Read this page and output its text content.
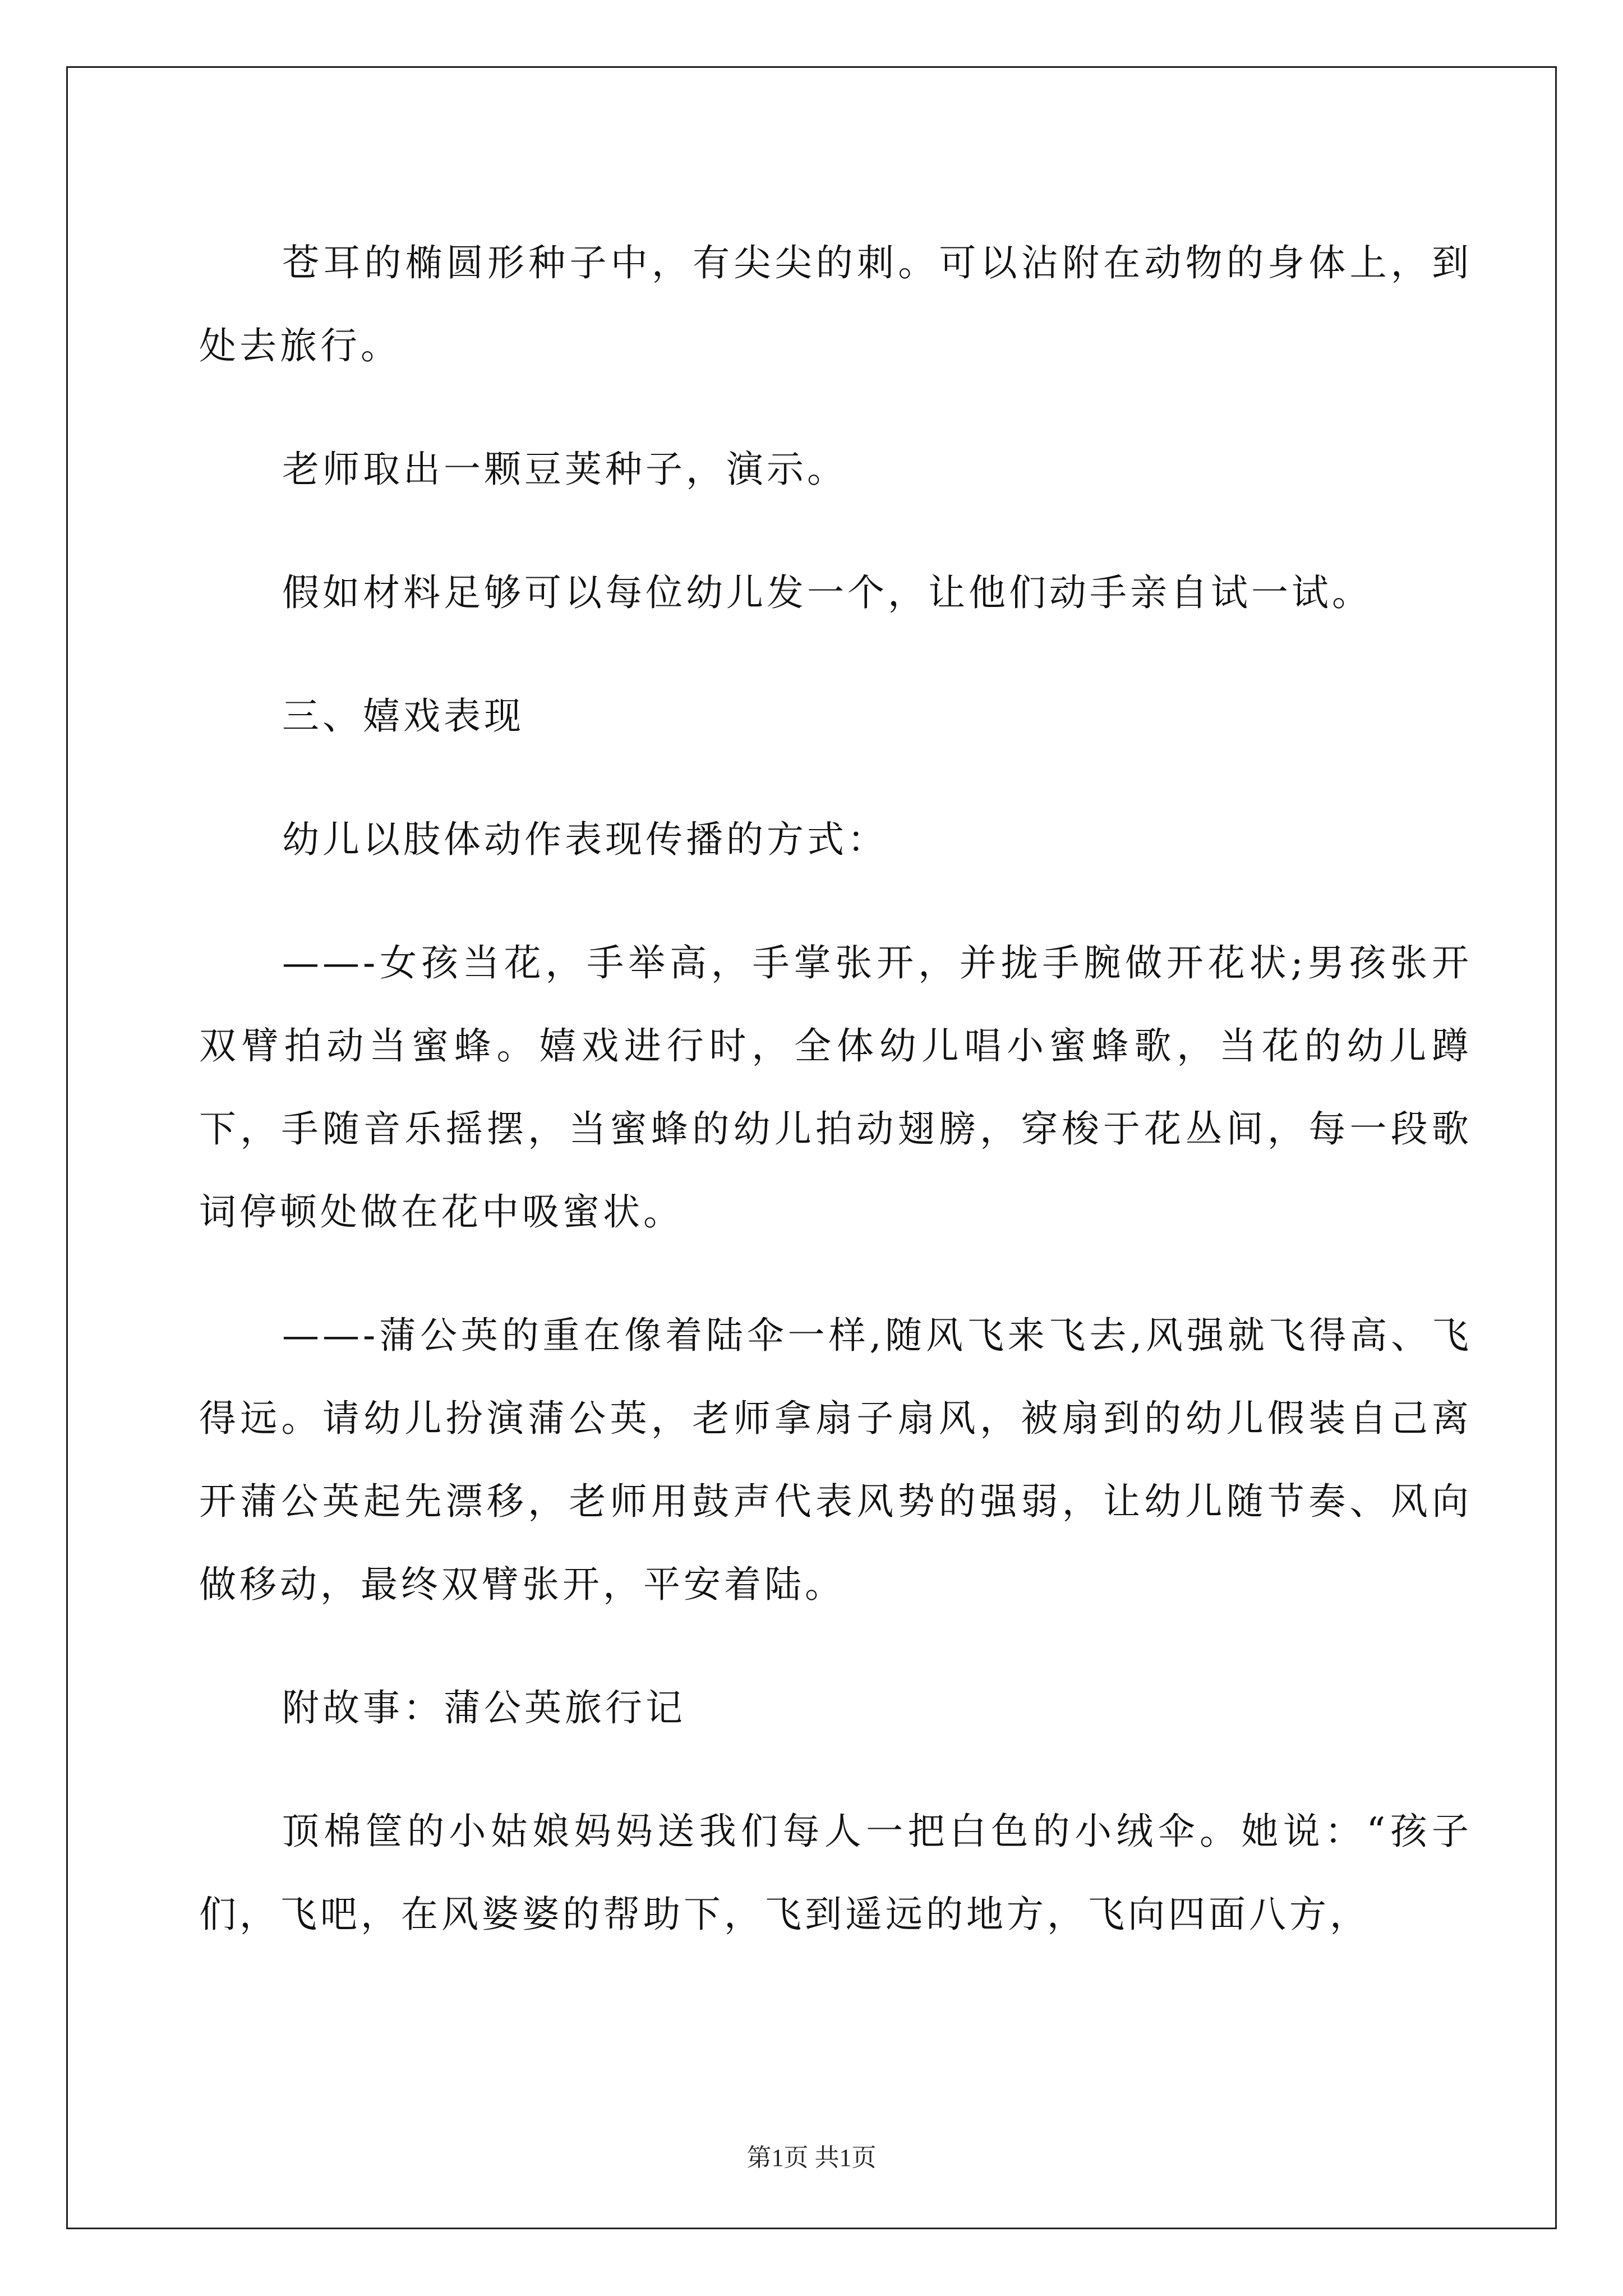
苍耳的椭圆形种子中，有尖尖的刺。可以沾附在动物的身体上，到处去旅行。

老师取出一颗豆荚种子，演示。

假如材料足够可以每位幼儿发一个，让他们动手亲自试一试。

三、嬉戏表现

幼儿以肢体动作表现传播的方式：

——-女孩当花，手举高，手掌张开，并拢手腕做开花状;男孩张开双臂拍动当蜜蜂。嬉戏进行时，全体幼儿唱小蜜蜂歌，当花的幼儿蹲下，手随音乐摇摆，当蜜蜂的幼儿拍动翅膀，穿梭于花丛间，每一段歌词停顿处做在花中吸蜜状。

——-蒲公英的重在像着陆伞一样,随风飞来飞去,风强就飞得高、飞得远。请幼儿扮演蒲公英，老师拿扇子扇风，被扇到的幼儿假装自己离开蒲公英起先漂移，老师用鼓声代表风势的强弱，让幼儿随节奏、风向做移动，最终双臂张开，平安着陆。

附故事：蒲公英旅行记

顶棉筐的小姑娘妈妈送我们每人一把白色的小绒伞。她说：“孩子们，飞吧，在风婆婆的帮助下，飞到遥远的地方，飞向四面八方，

第1页 共1页
